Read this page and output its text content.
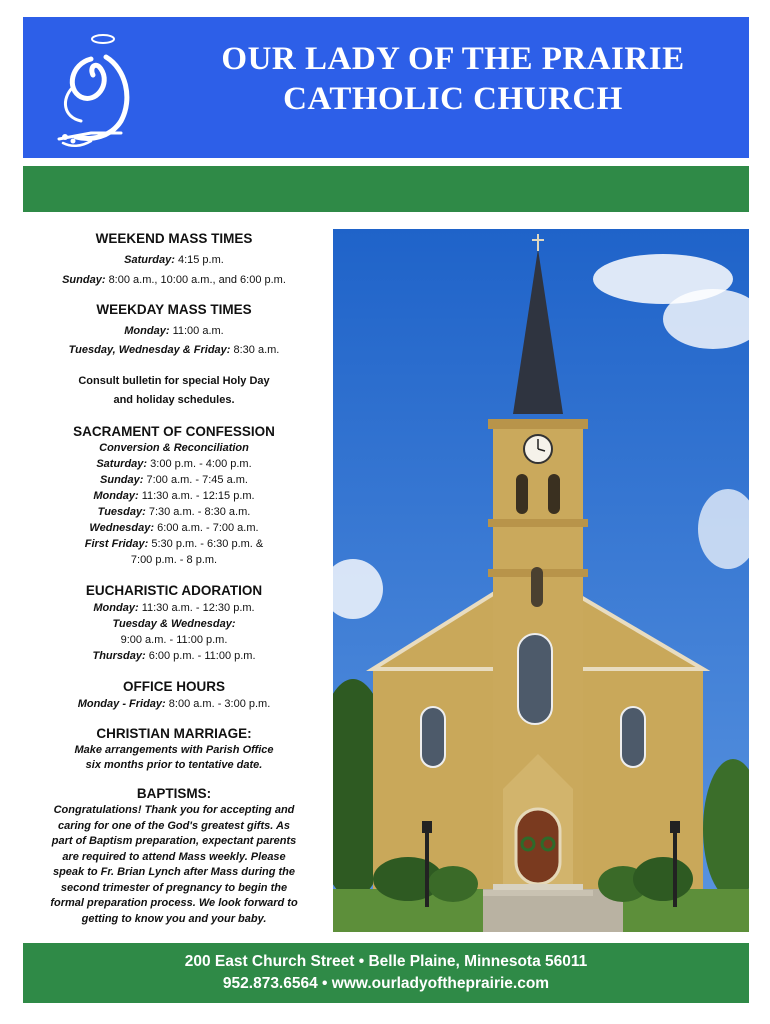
OUR LADY OF THE PRAIRIE
CATHOLIC CHURCH

WEEKEND MASS TIMES

Saturday: 4:15 p.m.

Sunday: 8:00 a.m., 10:00 a.m., and 6:00 p.m.

WEEKDAY MASS TIMES

Monday: 11:00 a.m.

Tuesday, Wednesday & Friday: 8:30 a.m.

Consult bulletin for special Holy Day
and holiday schedules.

SACRAMENT OF CONFESSION

Conversion & Reconciliation

Saturday: 3:00 p.m. - 4:00 p.m.

Sunday: 7:00 a.m. - 7:45 a.m.

Monday: 11:30 a.m. - 12:15 p.m.

Tuesday: 7:30 a.m. - 8:30 a.m.

Wednesday: 6:00 a.m. - 7:00 a.m.

First Friday: 5:30 p.m. - 6:30 p.m. &

7:00 p.m. - 8 p.m.

EUCHARISTIC ADORATION

Monday: 11:30 a.m. - 12:30 p.m.

Tuesday & Wednesday:

9:00 a.m. - 11:00 p.m.

Thursday: 6:00 p.m. - 11:00 p.m.

OFFICE HOURS

Monday - Friday: 8:00 a.m. - 3:00 p.m.

CHRISTIAN MARRIAGE:

Make arrangements with Parish Office

six months prior to tentative date.

BAPTISMS:

Congratulations! Thank you for accepting and

caring for one of the God's greatest gifts. As

part of Baptism preparation, expectant parents

are required to attend Mass weekly. Please

speak to Fr. Brian Lynch after Mass during the

second trimester of pregnancy to begin the

formal preparation process. We look forward to

getting to know you and your baby.

200 East Church Street • Belle Plaine, Minnesota 56011
952.873.6564 • www.ourladyoftheprairie.com
